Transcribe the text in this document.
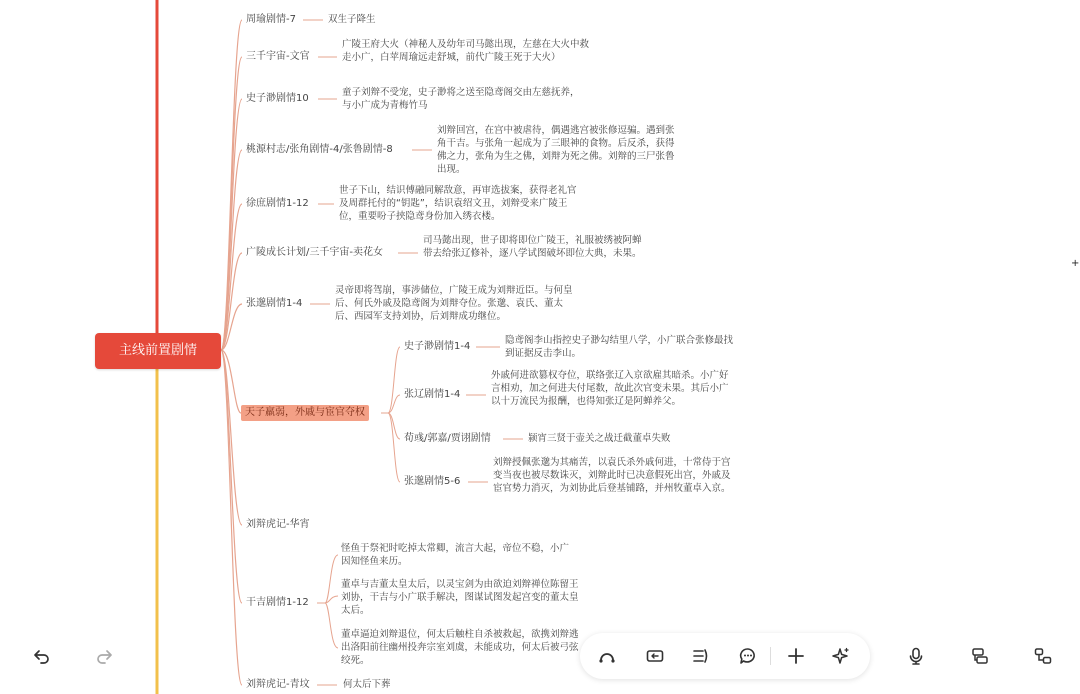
主线前置剧情
周瑜剧情-7	双生子降生
三千宇宙-文官
广陵王府大火（神秘人及幼年司马懿出现，左慈在大火中救走小广，白苹周瑜远走舒城，前代广陵王死于大火）
史子渺剧情10
童子刘辩不受宠，史子渺将之送至隐鸢阁交由左慈抚养，与小广成为青梅竹马
桃源村志/张角剧情-4/张鲁剧情-8
刘辩回宫，在宫中被虐待，偶遇逃宫被张修逗骗。遇到张角干吉。与张角一起成为了三眼神的食物。后反杀，获得佛之力，张角为生之佛，刘辩为死之佛。刘辩的三尸张鲁出现。
徐庶剧情1-12
世子下山，结识傅融同解敌意，再审选拔案，获得老礼官及周群托付的“钥匙”，结识袁绍文丑，刘辩受来广陵王位，重要吩子挟隐鸢身份加入绣衣楼。
广陵成长计划/三千宇宙-卖花女
司马懿出现，世子即将即位广陵王，礼服被绣被阿蝉带去给张辽修补，逐八学试图破坏即位大典，未果。
张邈剧情1-4
灵帝即将驾崩，事涉储位，广陵王成为刘辩近臣。与何皇后、何氏外戚及隐鸢阁为刘辩夺位。张邈、袁氏、董太后、西园军支持刘协，后刘辩成功继位。
天子羸弱，外戚与宦官夺权
史子渺剧情1-4
隐鸢阁李山指控史子渺勾结里八学，小广联合张修最找到证据反击李山。
张辽剧情1-4
外戚何进欲篡权夺位，联络张辽入京欲雇其暗杀。小广好言相劝，加之何进夫付尾数，故此次官变未果。其后小广以十万流民为报酬，也得知张辽是阿蝉养父。
荀彧/郭嘉/贾诩剧情	颍宵三贤于壶关之战迁截董卓失败
张邈剧情5-6
刘辩授佩张邈为其痛苦，以袁氏杀外戚何进，十常侍于宫变当夜也被尽数诛灭，刘辩此时已决意假死出宫，外戚及宦官势力消灭，为刘协此后登基铺路，并州牧董卓入京。
刘辩虎记-华宵
干吉剧情1-12
怪鱼于祭祀时吃掉太常卿，流言大起，帝位不稳，小广因知怪鱼来历。
董卓与吉董太皇太后，以灵宝剑为由欲迫刘辩禅位陈留王刘协，干吉与小广联手解决，图谋试图发起宫变的董太皇太后。
董卓逼迫刘辩退位，何太后触柱自杀被救起，欲携刘辩逃出洛阳前往幽州投奔宗室刘虞，未能成功，何太后被弓弦绞死。
刘辩虎记-青坟	何太后下葬
+
